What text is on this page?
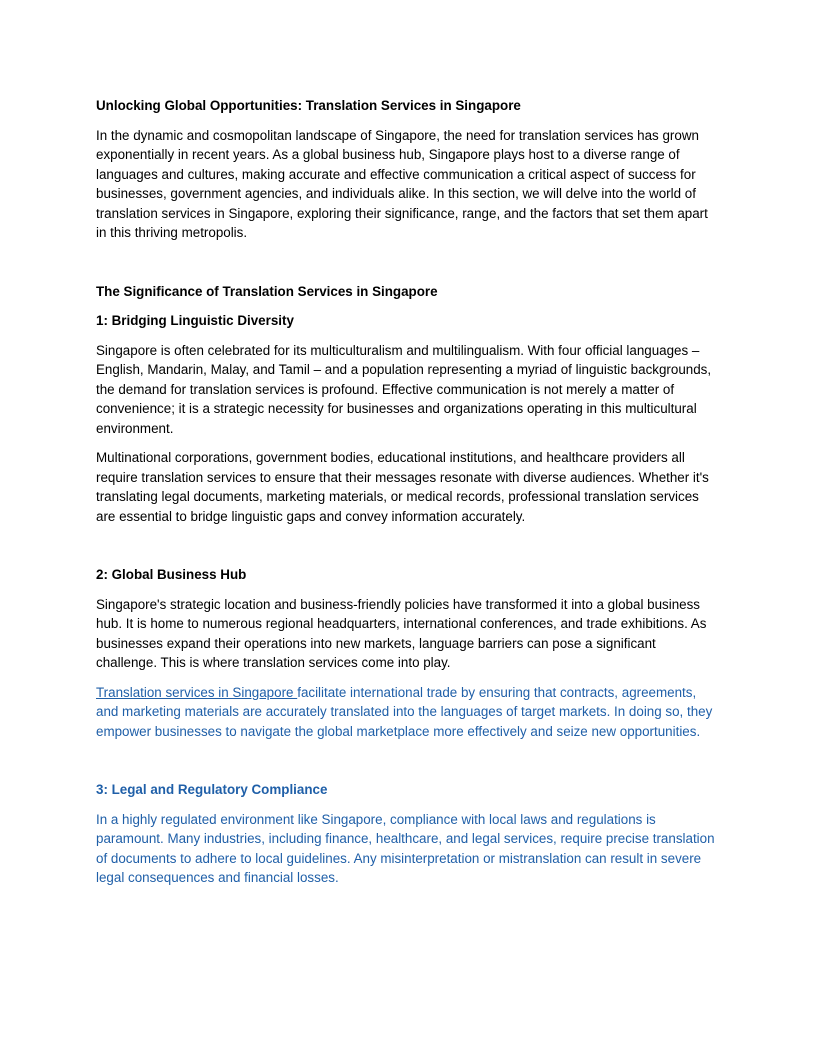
Unlocking Global Opportunities: Translation Services in Singapore

In the dynamic and cosmopolitan landscape of Singapore, the need for translation services has grown exponentially in recent years. As a global business hub, Singapore plays host to a diverse range of languages and cultures, making accurate and effective communication a critical aspect of success for businesses, government agencies, and individuals alike. In this section, we will delve into the world of translation services in Singapore, exploring their significance, range, and the factors that set them apart in this thriving metropolis.

The Significance of Translation Services in Singapore

1: Bridging Linguistic Diversity

Singapore is often celebrated for its multiculturalism and multilingualism. With four official languages – English, Mandarin, Malay, and Tamil – and a population representing a myriad of linguistic backgrounds, the demand for translation services is profound. Effective communication is not merely a matter of convenience; it is a strategic necessity for businesses and organizations operating in this multicultural environment.

Multinational corporations, government bodies, educational institutions, and healthcare providers all require translation services to ensure that their messages resonate with diverse audiences. Whether it's translating legal documents, marketing materials, or medical records, professional translation services are essential to bridge linguistic gaps and convey information accurately.

2: Global Business Hub

Singapore's strategic location and business-friendly policies have transformed it into a global business hub. It is home to numerous regional headquarters, international conferences, and trade exhibitions. As businesses expand their operations into new markets, language barriers can pose a significant challenge. This is where translation services come into play.

Translation services in Singapore facilitate international trade by ensuring that contracts, agreements, and marketing materials are accurately translated into the languages of target markets. In doing so, they empower businesses to navigate the global marketplace more effectively and seize new opportunities.

3: Legal and Regulatory Compliance

In a highly regulated environment like Singapore, compliance with local laws and regulations is paramount. Many industries, including finance, healthcare, and legal services, require precise translation of documents to adhere to local guidelines. Any misinterpretation or mistranslation can result in severe legal consequences and financial losses.
